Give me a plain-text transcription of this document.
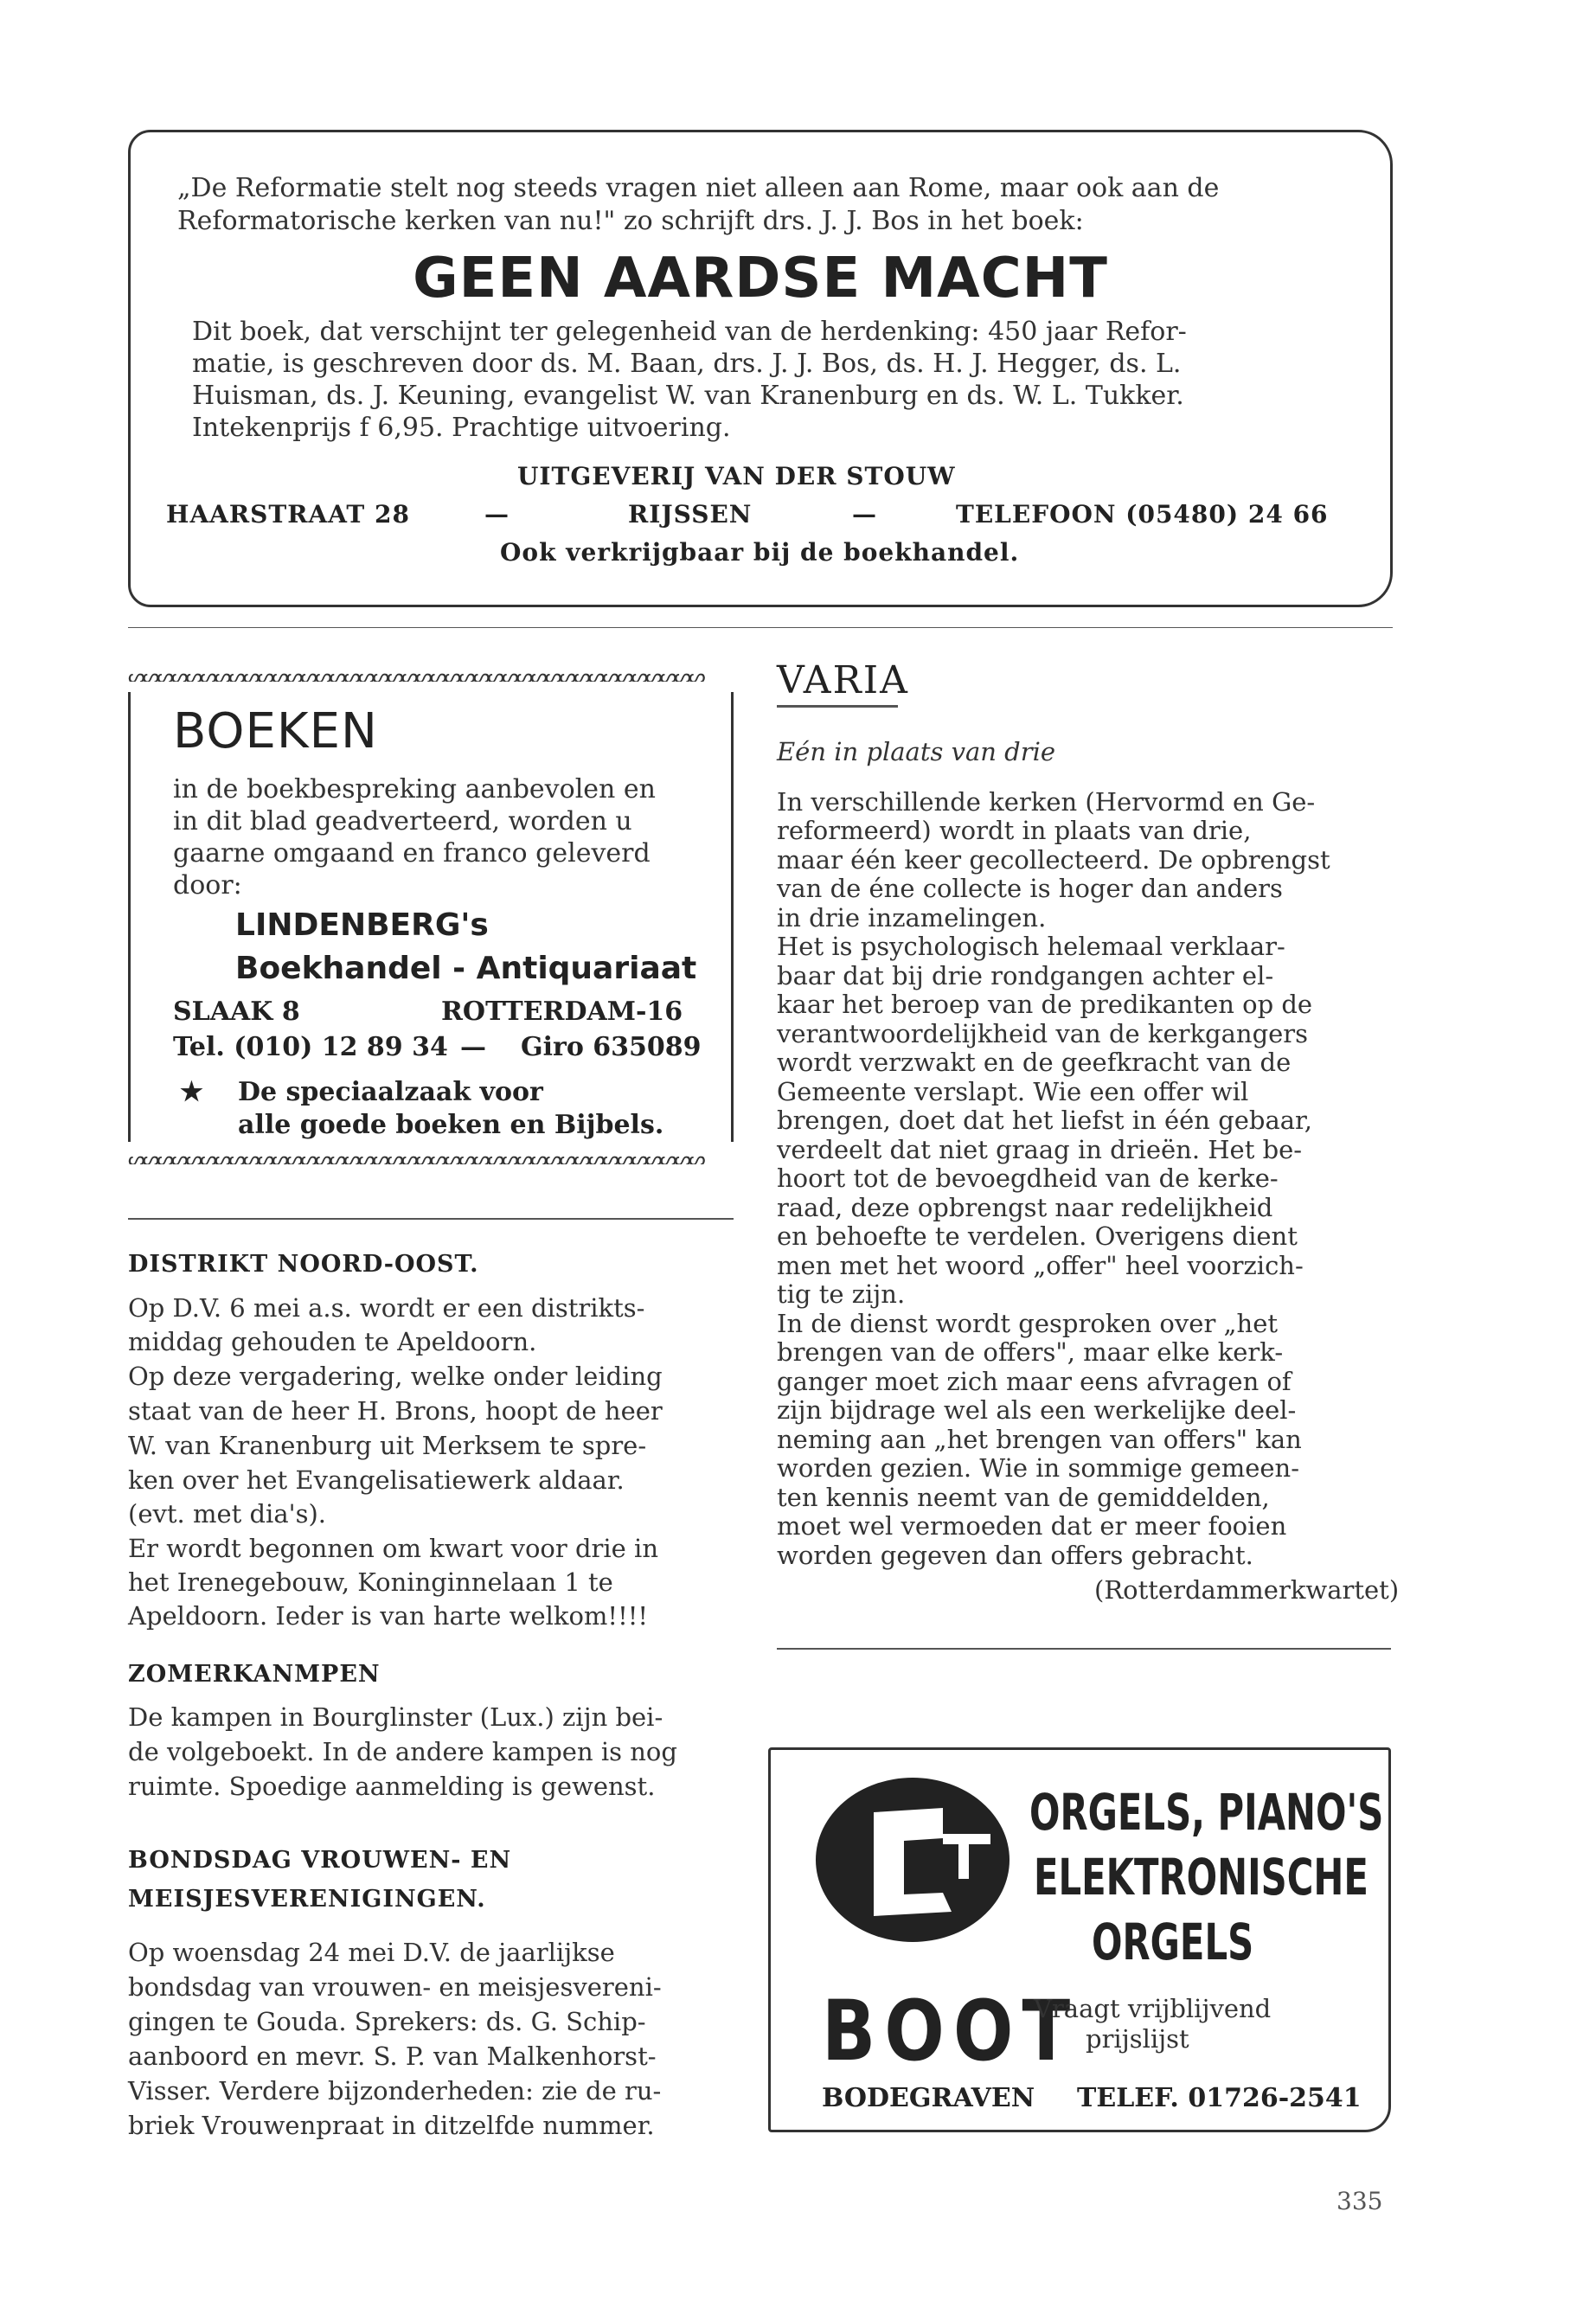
„De Reformatie stelt nog steeds vragen niet alleen aan Rome, maar ook aan de
Reformatorische kerken van nu!" zo schrijft drs. J. J. Bos in het boek:
GEEN AARDSE MACHT
Dit boek, dat verschijnt ter gelegenheid van de herdenking: 450 jaar Refor-
matie, is geschreven door ds. M. Baan, drs. J. J. Bos, ds. H. J. Hegger, ds. L.
Huisman, ds. J. Keuning, evangelist W. van Kranenburg en ds. W. L. Tukker.
Intekenprijs f 6,95. Prachtige uitvoering.
UITGEVERIJ VAN DER STOUW
HAARSTRAAT 28	—	RIJSSEN	—	TELEFOON (05480) 24 66
Ook verkrijgbaar bij de boekhandel.
ᔕᔕᔕᔕᔕᔕᔕᔕᔕᔕᔕᔕᔕᔕᔕᔕᔕᔕᔕᔕᔕᔕᔕᔕᔕᔕᔕᔕᔕᔕᔕᔕᔕᔕᔕᔕᔕᔕᔕᔕ
ᔕᔕᔕᔕᔕᔕᔕᔕᔕᔕᔕᔕᔕᔕᔕᔕᔕᔕᔕᔕᔕᔕᔕᔕᔕᔕᔕᔕᔕᔕᔕᔕᔕᔕᔕᔕᔕᔕᔕᔕ
BOEKEN
in de boekbespreking aanbevolen en
in dit blad geadverteerd, worden u
gaarne omgaand en franco geleverd
door:
LINDENBERG's
Boekhandel - Antiquariaat
SLAAK 8	ROTTERDAM-16
Tel. (010) 12 89 34 — Giro 635089
★ De speciaalzaak voor
alle goede boeken en Bijbels.
DISTRIKT NOORD-OOST.
Op D.V. 6 mei a.s. wordt er een distrikts-
middag gehouden te Apeldoorn.
Op deze vergadering, welke onder leiding
staat van de heer H. Brons, hoopt de heer
W. van Kranenburg uit Merksem te spre-
ken over het Evangelisatiewerk aldaar.
(evt. met dia's).
Er wordt begonnen om kwart voor drie in
het Irenegebouw, Koninginnelaan 1 te
Apeldoorn. Ieder is van harte welkom!!!!
ZOMERKANMPEN
De kampen in Bourglinster (Lux.) zijn bei-
de volgeboekt. In de andere kampen is nog
ruimte. Spoedige aanmelding is gewenst.
BONDSDAG VROUWEN- EN
MEISJESVERENIGINGEN.
Op woensdag 24 mei D.V. de jaarlijkse
bondsdag van vrouwen- en meisjesvereni-
gingen te Gouda. Sprekers: ds. G. Schip-
aanboord en mevr. S. P. van Malkenhorst-
Visser. Verdere bijzonderheden: zie de ru-
briek Vrouwenpraat in ditzelfde nummer.
VARIA
Eén in plaats van drie
In verschillende kerken (Hervormd en Ge-
reformeerd) wordt in plaats van drie,
maar één keer gecollecteerd. De opbrengst
van de éne collecte is hoger dan anders
in drie inzamelingen.
Het is psychologisch helemaal verklaar-
baar dat bij drie rondgangen achter el-
kaar het beroep van de predikanten op de
verantwoordelijkheid van de kerkgangers
wordt verzwakt en de geefkracht van de
Gemeente verslapt. Wie een offer wil
brengen, doet dat het liefst in één gebaar,
verdeelt dat niet graag in drieën. Het be-
hoort tot de bevoegdheid van de kerke-
raad, deze opbrengst naar redelijkheid
en behoefte te verdelen. Overigens dient
men met het woord „offer" heel voorzich-
tig te zijn.
In de dienst wordt gesproken over „het
brengen van de offers", maar elke kerk-
ganger moet zich maar eens afvragen of
zijn bijdrage wel als een werkelijke deel-
neming aan „het brengen van offers" kan
worden gezien. Wie in sommige gemeen-
ten kennis neemt van de gemiddelden,
moet wel vermoeden dat er meer fooien
worden gegeven dan offers gebracht.
(Rotterdammerkwartet)
ORGELS, PIANO'S
ELEKTRONISCHE
ORGELS
BOOT
Vraagt vrijblijvend
prijslijst
BODEGRAVEN TELEF. 01726-2541
335
